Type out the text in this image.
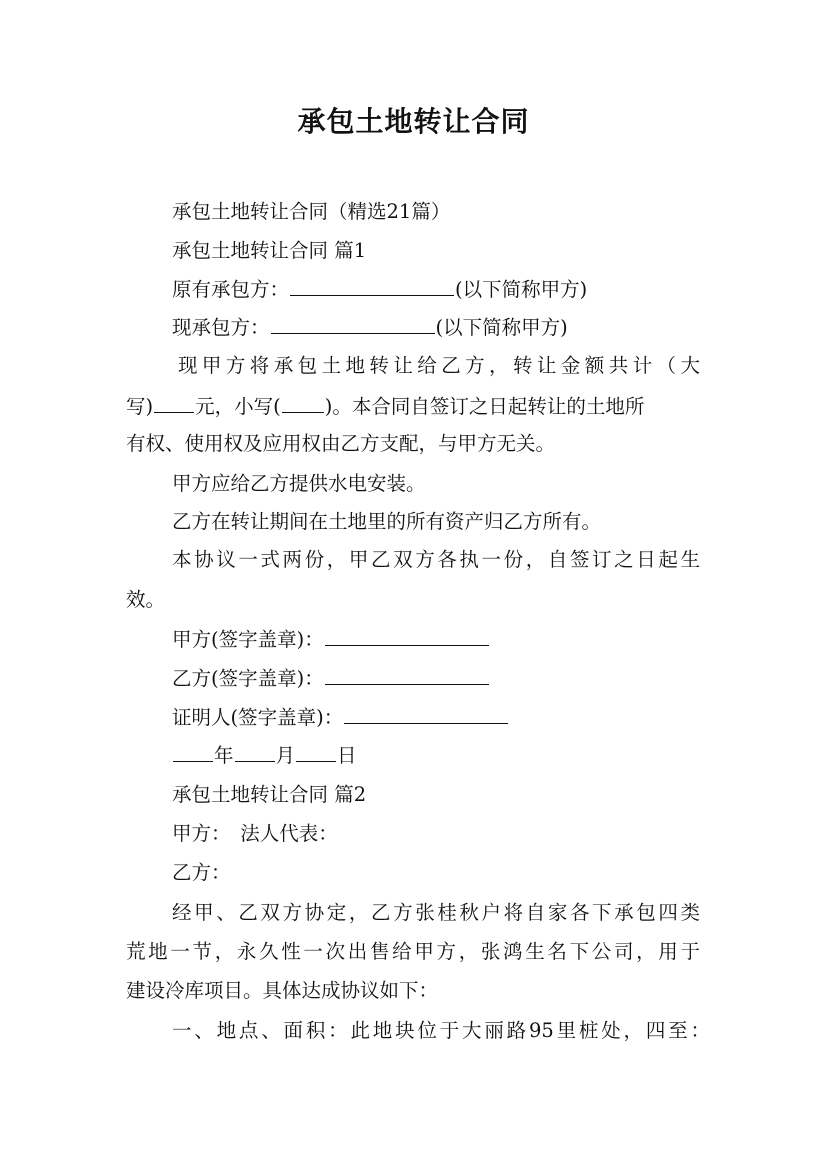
承包土地转让合同
承包土地转让合同（精选21篇）
承包土地转让合同 篇1
原有承包方：	(以下简称甲方)
现承包方：	(以下简称甲方)
现甲方将承包土地转让给乙方，转让金额共计（大
写) 元，小写( )。本合同自签订之日起转让的土地所
有权、使用权及应用权由乙方支配，与甲方无关。
甲方应给乙方提供水电安装。
乙方在转让期间在土地里的所有资产归乙方所有。
本协议一式两份，甲乙双方各执一份，自签订之日起生
效。
甲方(签字盖章)：
乙方(签字盖章)：
证明人(签字盖章)：
年 月 日
承包土地转让合同 篇2
甲方：　法人代表：
乙方：
经甲、乙双方协定，乙方张桂秋户将自家各下承包四类
荒地一节，永久性一次出售给甲方，张鸿生名下公司，用于
建设冷库项目。具体达成协议如下：
一、地点、面积：此地块位于大丽路95里桩处，四至：
